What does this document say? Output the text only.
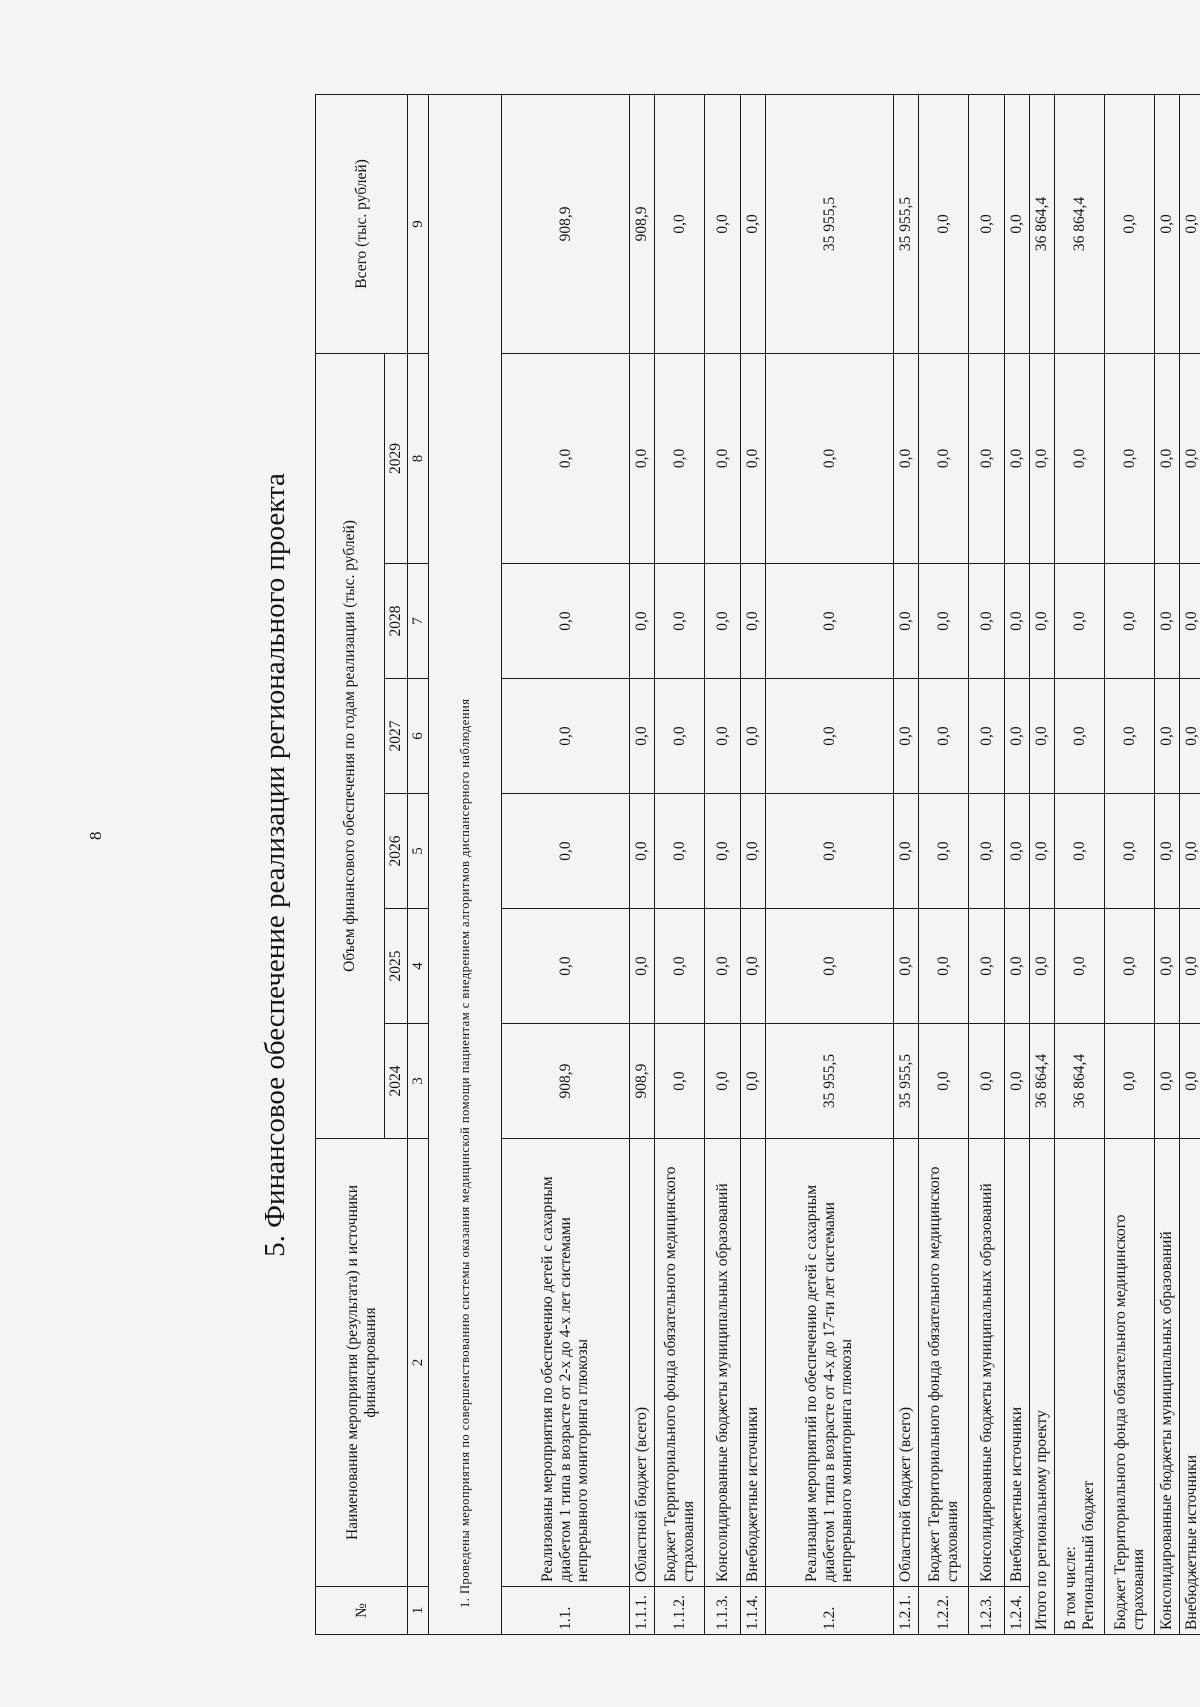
8	5. Финансовое обеспечение реализации регионального проекта
№	Наименование мероприятия (результата) и источники финансирования	Объем финансового обеспечения по годам реализации (тыс. рублей)						Всего (тыс. рублей)
		2024	2025	2026	2027	2028	2029	
1	2	3	4	5	6	7	8	9
1. Проведены мероприятия по совершенствованию системы оказания медицинской помощи пациентам с внедрением алгоритмов диспансерного наблюдения								
1.1.	Реализованы мероприятия по обеспечению детей с сахарным диабетом 1 типа в возрасте от 2-х до 4-х лет системами непрерывного мониторинга глюкозы	908,9	0,0	0,0	0,0	0,0	0,0	908,9
1.1.1.	Областной бюджет (всего)	908,9	0,0	0,0	0,0	0,0	0,0	908,9
1.1.2.	Бюджет Территориального фонда обязательного медицинского страхования	0,0	0,0	0,0	0,0	0,0	0,0	0,0
1.1.3.	Консолидированные бюджеты муниципальных образований	0,0	0,0	0,0	0,0	0,0	0,0	0,0
1.1.4.	Внебюджетные источники	0,0	0,0	0,0	0,0	0,0	0,0	0,0
1.2.	Реализация мероприятий по обеспечению детей с сахарным диабетом 1 типа в возрасте от 4-х до 17-ти лет системами непрерывного мониторинга глюкозы	35 955,5	0,0	0,0	0,0	0,0	0,0	35 955,5
1.2.1.	Областной бюджет (всего)	35 955,5	0,0	0,0	0,0	0,0	0,0	35 955,5
1.2.2.	Бюджет Территориального фонда обязательного медицинского страхования	0,0	0,0	0,0	0,0	0,0	0,0	0,0
1.2.3.	Консолидированные бюджеты муниципальных образований	0,0	0,0	0,0	0,0	0,0	0,0	0,0
1.2.4.	Внебюджетные источники	0,0	0,0	0,0	0,0	0,0	0,0	0,0
Итого по региональному проекту		36 864,4	0,0	0,0	0,0	0,0	0,0	36 864,4

В том числе: Региональный бюджет		36 864,4	0,0	0,0	0,0	0,0	0,0	36 864,4
Бюджет Территориального фонда обязательного медицинского страхования		0,0	0,0	0,0	0,0	0,0	0,0	0,0
Консолидированные бюджеты муниципальных образований		0,0	0,0	0,0	0,0	0,0	0,0	0,0
Внебюджетные источники		0,0	0,0	0,0	0,0	0,0	0,0	0,0
